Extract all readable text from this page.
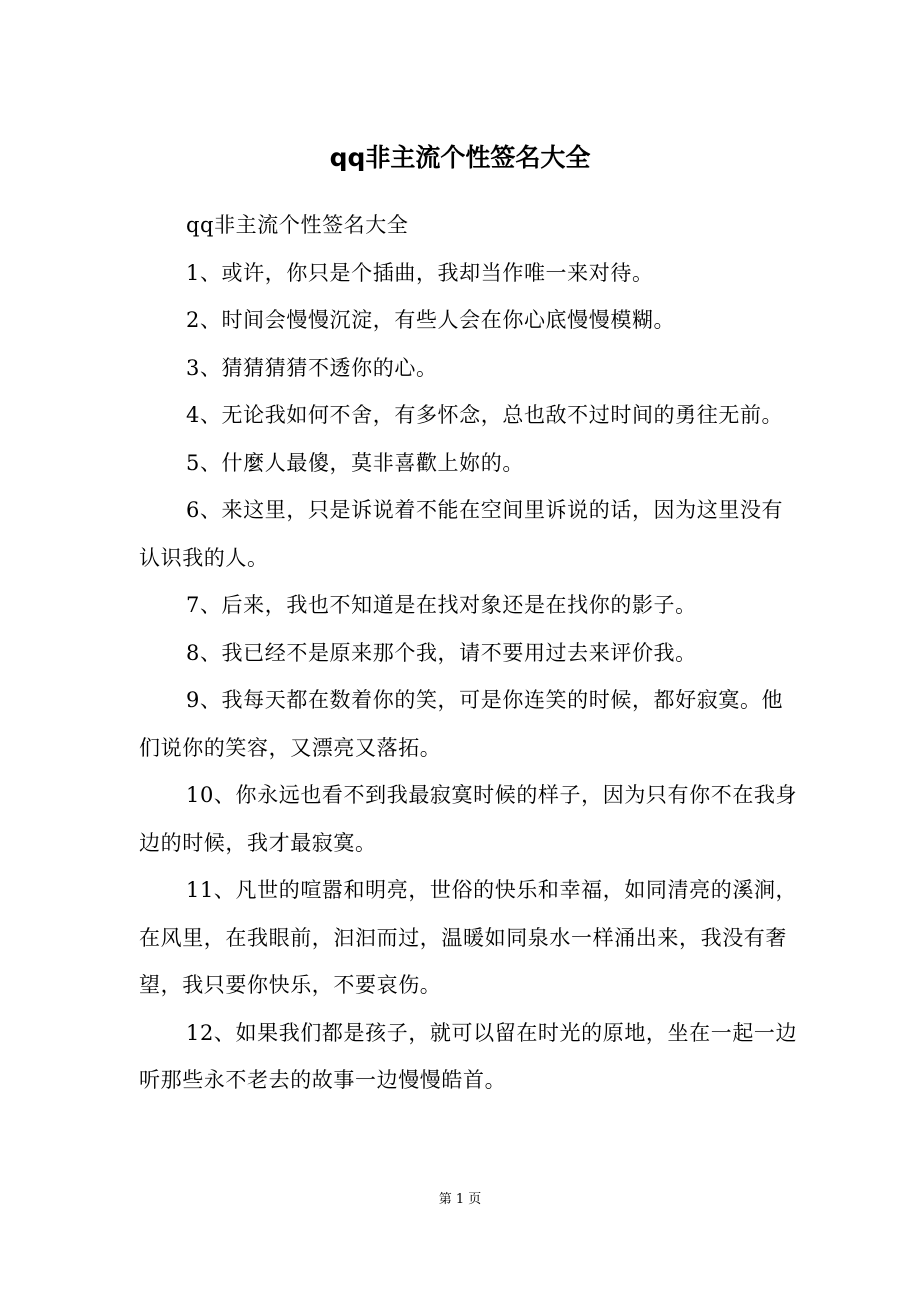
qq非主流个性签名大全

qq非主流个性签名大全

1、或许，你只是个插曲，我却当作唯一来对待。

2、时间会慢慢沉淀，有些人会在你心底慢慢模糊。

3、猜猜猜猜不透你的心。

4、无论我如何不舍，有多怀念，总也敌不过时间的勇往无前。

5、什麼人最傻，莫非喜歡上妳的。

6、来这里，只是诉说着不能在空间里诉说的话，因为这里没有认识我的人。

7、后来，我也不知道是在找对象还是在找你的影子。

8、我已经不是原来那个我，请不要用过去来评价我。

9、我每天都在数着你的笑，可是你连笑的时候，都好寂寞。他们说你的笑容，又漂亮又落拓。

10、你永远也看不到我最寂寞时候的样子，因为只有你不在我身边的时候，我才最寂寞。

11、凡世的喧嚣和明亮，世俗的快乐和幸福，如同清亮的溪涧，在风里，在我眼前，汩汩而过，温暖如同泉水一样涌出来，我没有奢望，我只要你快乐，不要哀伤。

12、如果我们都是孩子，就可以留在时光的原地，坐在一起一边听那些永不老去的故事一边慢慢皓首。

第 1 页
